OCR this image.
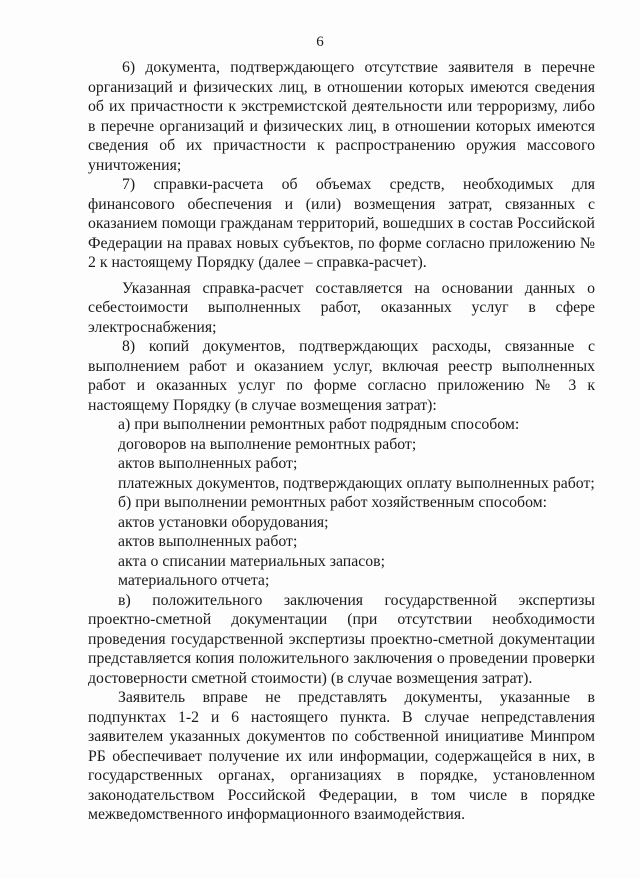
6

6) документа, подтверждающего отсутствие заявителя в перечне организаций и физических лиц, в отношении которых имеются сведения об их причастности к экстремистской деятельности или терроризму, либо в перечне организаций и физических лиц, в отношении которых имеются сведения об их причастности к распространению оружия массового уничтожения;

7) справки-расчета об объемах средств, необходимых для финансового обеспечения и (или) возмещения затрат, связанных с оказанием помощи гражданам территорий, вошедших в состав Российской Федерации на правах новых субъектов, по форме согласно приложению № 2 к настоящему Порядку (далее – справка-расчет).

Указанная справка-расчет составляется на основании данных о себестоимости выполненных работ, оказанных услуг в сфере электроснабжения;

8) копий документов, подтверждающих расходы, связанные с выполнением работ и оказанием услуг, включая реестр выполненных работ и оказанных услуг по форме согласно приложению № 3 к настоящему Порядку (в случае возмещения затрат):

а) при выполнении ремонтных работ подрядным способом:

договоров на выполнение ремонтных работ;

актов выполненных работ;

платежных документов, подтверждающих оплату выполненных работ;

б) при выполнении ремонтных работ хозяйственным способом:

актов установки оборудования;

актов выполненных работ;

акта о списании материальных запасов;

материального отчета;

в) положительного заключения государственной экспертизы проектно-сметной документации (при отсутствии необходимости проведения государственной экспертизы проектно-сметной документации представляется копия положительного заключения о проведении проверки достоверности сметной стоимости) (в случае возмещения затрат).

Заявитель вправе не представлять документы, указанные в подпунктах 1-2 и 6 настоящего пункта. В случае непредставления заявителем указанных документов по собственной инициативе Минпром РБ обеспечивает получение их или информации, содержащейся в них, в государственных органах, организациях в порядке, установленном законодательством Российской Федерации, в том числе в порядке межведомственного информационного взаимодействия.
